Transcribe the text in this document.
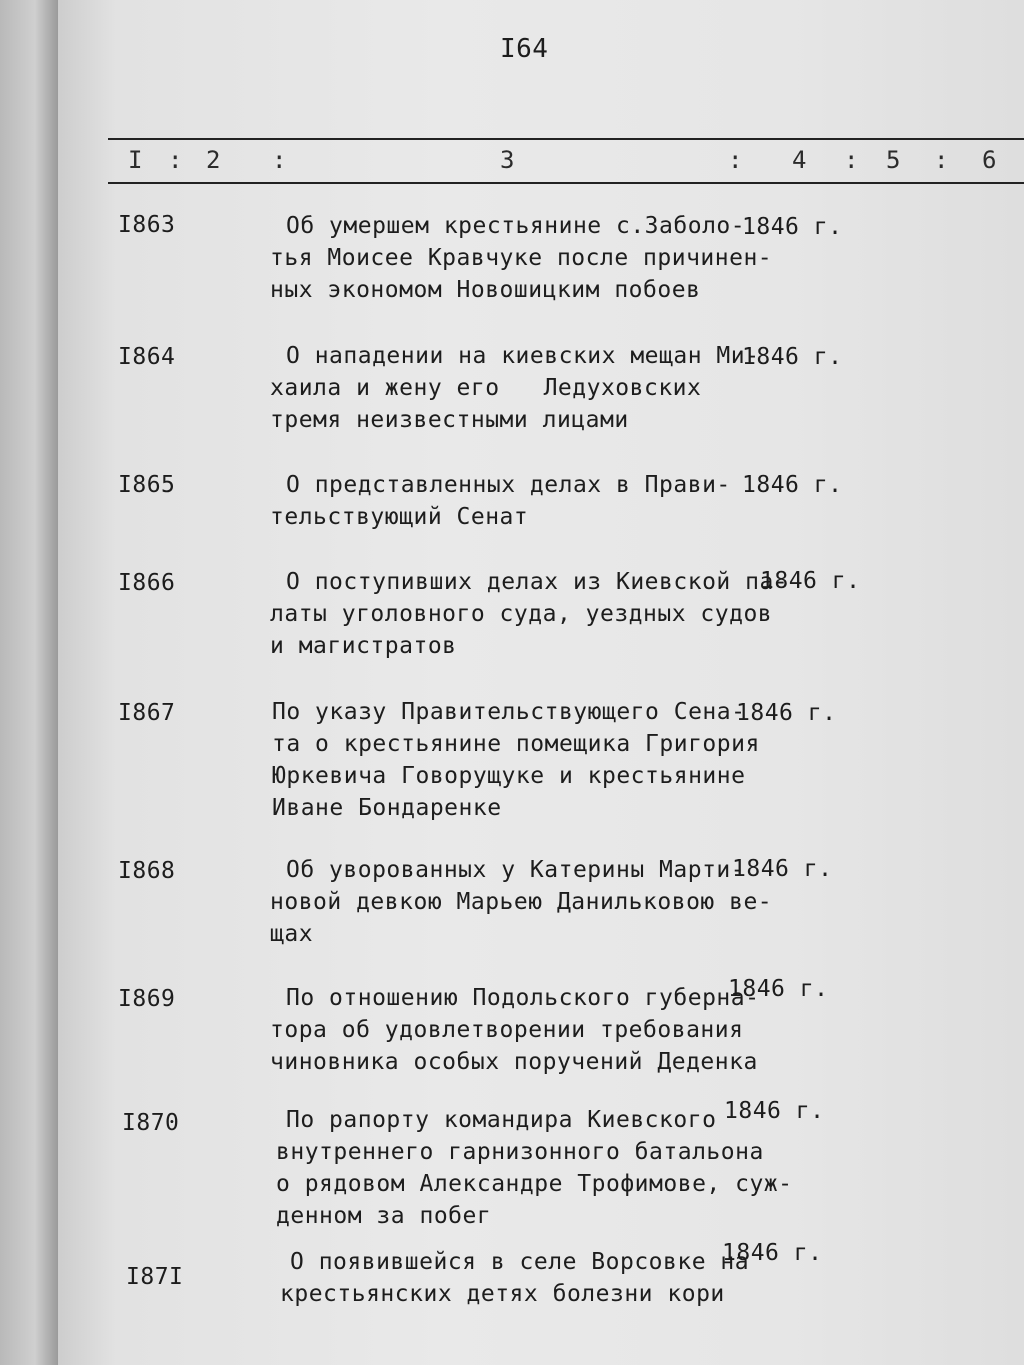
I64
I : 2 :	3	: 4 : 5 : 6
I863	Об умершем крестьянине с.Заболо-
тья Моисее Кравчуке после причинен-
ных экономом Новошицким побоев
1846 г.
I864	О нападении на киевских мещан Ми-
хаила и жену его Ледуховских
тремя неизвестными лицами
1846 г.
I865	О представленных делах в Прави-
тельствующий Сенат
1846 г.
I866	О поступивших делах из Киевской па-
латы уголовного суда, уездных судов
и магистратов
1846 г.
I867	По указу Правительствующего Сена-
та о крестьянине помещика Григория
Юркевича Говорущуке и крестьянине
Иване Бондаренке
1846 г.
I868	Об уворованных у Катерины Марти-
новой девкою Марьею Данильковою ве-
щах
1846 г.
I869	По отношению Подольского губерна-
тора об удовлетворении требования
чиновника особых поручений Деденка
1846 г.
I870	По рапорту командира Киевского
внутреннего гарнизонного батальона
о рядовом Александре Трофимове, суж-
денном за побег
1846 г.
I87I
О появившейся в селе Ворсовке на
крестьянских детях болезни кори
1846 г.
